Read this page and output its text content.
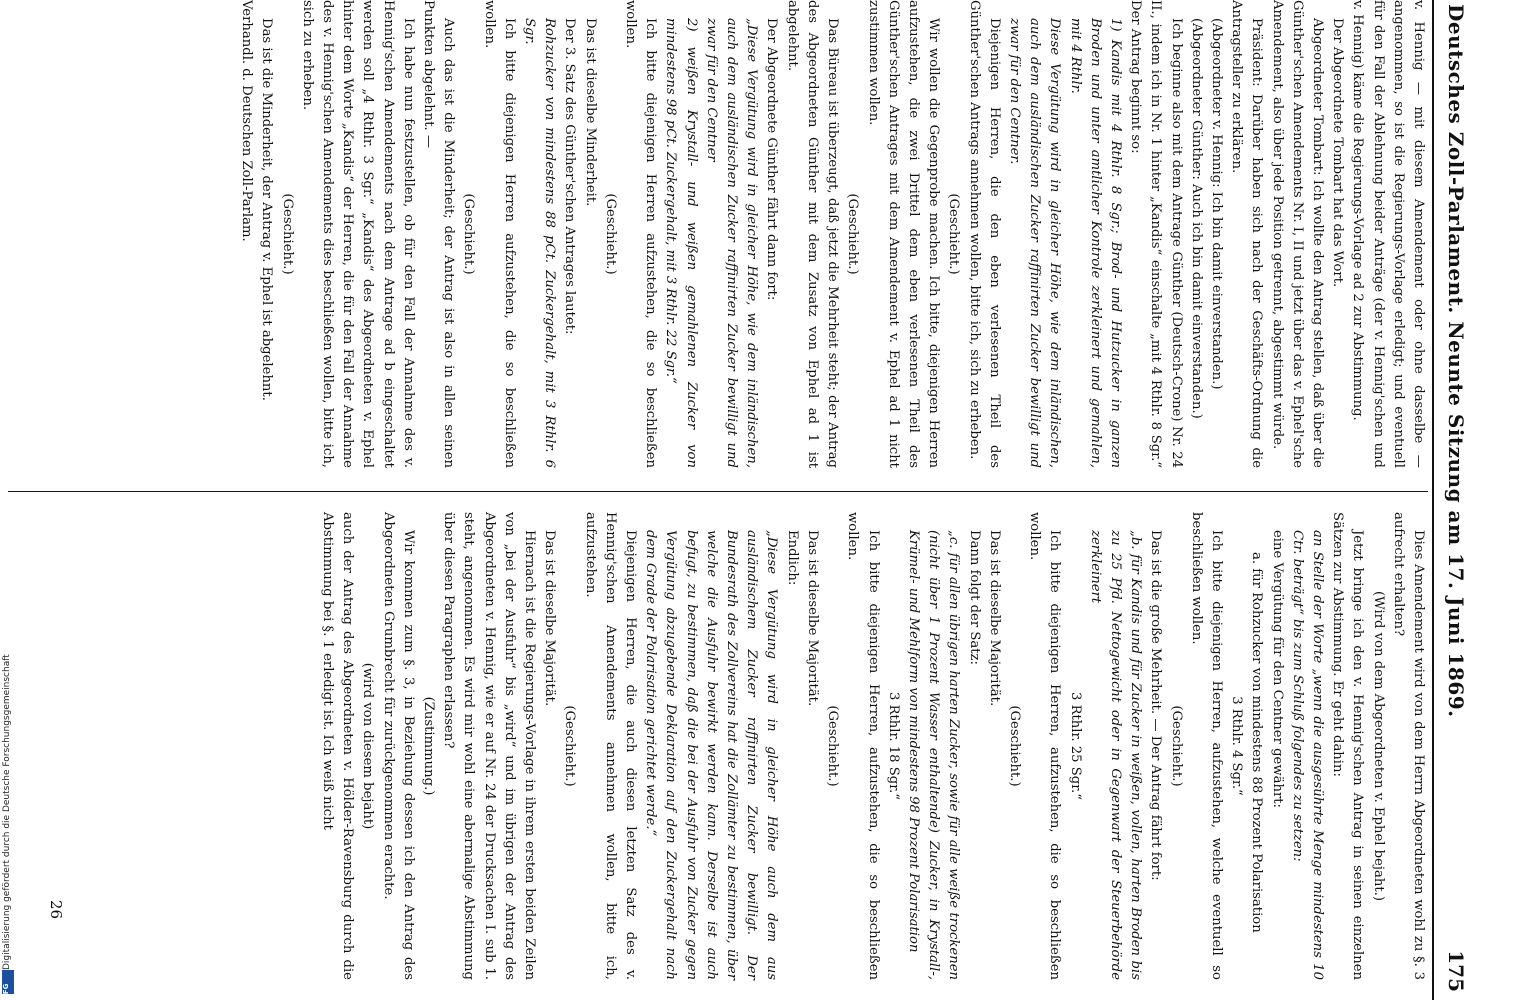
Deutsches Zoll-Parlament. Neunte Sitzung am 17. Juni 1869.
175

v. Hennig — mit diesem Amendement oder ohne dasselbe — angenommen, so ist die Regierungs-Vorlage erledigt; und eventuell für den Fall der Ablehnung beider Anträge (der v. Hennig'schen und v. Hennig) käme die Regierungs-Vorlage ad 2 zur Abstimmung.

Der Abgeordnete Tombart hat das Wort.

Abgeordneter Tombart: Ich wollte den Antrag stellen, daß über die Günther'schen Amendements Nr. I, II und jetzt über das v. Ephel'sche Amendement, also über jede Position getrennt, abgestimmt würde.

Präsident: Darüber haben sich nach der Geschäfts-Ordnung die Antragsteller zu erklären.

(Abgeordneter v. Hennig: Ich bin damit einverstanden.)

(Abgeordneter Günther: Auch ich bin damit einverstanden.)

Ich beginne also mit dem Antrage Günther (Deutsch-Crone) Nr. 24 II., indem ich in Nr. 1 hinter „Kandis“ einschalte „mit 4 Rthlr. 8 Sgr.“ Der Antrag beginnt so:

1) Kandis mit 4 Rthlr. 8 Sgr.; Brod- und Hutzucker in ganzen Broden und unter amtlicher Kontrole zerkleinert und gemahlen, mit 4 Rthlr.

Diese Vergütung wird in gleicher Höhe, wie dem inländischen, auch dem ausländischen Zucker raffinirten Zucker bewilligt und zwar für den Centner.

Diejenigen Herren, die den eben verlesenen Theil des Günther'schen Antrags annehmen wollen, bitte ich, sich zu erheben.

(Geschieht.)

Wir wollen die Gegenprobe machen. Ich bitte, diejenigen Herren aufzustehen, die zwei Drittel dem eben verlesenen Theil des Günther'schen Antrages mit dem Amendement v. Ephel ad 1 nicht zustimmen wollen.

(Geschieht.)

Das Büreau ist überzeugt, daß jetzt die Mehrheit steht; der Antrag des Abgeordneten Günther mit dem Zusatz von Ephel ad 1 ist abgelehnt.

Der Abgeordnete Günther fährt dann fort:

„Diese Vergütung wird in gleicher Höhe, wie dem inländischen, auch dem ausländischen Zucker raffinirten Zucker bewilligt und zwar für den Centner

2) weißen Krystall- und weißen gemahlenen Zucker von mindestens 98 pCt. Zuckergehalt, mit 3 Rthlr. 22 Sgr.“

Ich bitte diejenigen Herren aufzustehen, die so beschließen wollen.

(Geschieht.)

Das ist dieselbe Minderheit.

Der 3. Satz des Günther'schen Antrages lautet:

Rohzucker von mindestens 88 pCt. Zuckergehalt, mit 3 Rthlr. 6 Sgr.

Ich bitte diejenigen Herren aufzustehen, die so beschließen wollen.

(Geschieht.)

Auch das ist die Minderheit; der Antrag ist also in allen seinen Punkten abgelehnt. —

Ich habe nun festzustellen, ob für den Fall der Annahme des v. Hennig'schen Amendements nach dem Antrage ad b eingeschaltet werden soll „4 Rthlr. 3 Sgr.“ „Kandis“ des Abgeordneten v. Ephel hinter dem Worte „Kandis“ der Herren, die für den Fall der Annahme des v. Hennig'schen Amendements dies beschließen wollen, bitte ich, sich zu erheben.

(Geschieht.)

Das ist die Minderheit, der Antrag v. Ephel ist abgelehnt.

Verhandl. d. Deutschen Zoll-Parlam.

Dies Amendement wird von dem Herrn Abgeordneten wohl zu §. 3 aufrecht erhalten?

(Wird von dem Abgeordneten v. Ephel bejaht.)

Jetzt bringe ich den v. Hennig'schen Antrag in seinen einzelnen Sätzen zur Abstimmung. Er geht dahin:

an Stelle der Worte „wenn die ausgesührte Menge mindestens 10 Ctr. beträgt“ bis zum Schluß folgendes zu setzen:

eine Vergütung für den Centner gewährt:

a. für Rohzucker von mindestens 88 Prozent Polarisation

3 Rthlr. 4 Sgr.“

Ich bitte diejenigen Herren, aufzustehen, welche eventuell so beschließen wollen.

(Geschieht.)

Das ist die große Mehrheit. — Der Antrag fährt fort:

„b. für Kandis und für Zucker in weißen, vollen, harten Broden bis zu 25 Pfd. Nettogewicht oder in Gegenwart der Steuerbehörde zerkleinert

3 Rthlr. 25 Sgr.“

Ich bitte diejenigen Herren, aufzustehen, die so beschließen wollen.

(Geschieht.)

Das ist dieselbe Majorität.

Dann folgt der Satz:

„c. für allen übrigen harten Zucker, sowie für alle weiße trockenen (nicht über 1 Prozent Wasser enthaltende) Zucker, in Krystall-, Krümel- und Mehlform von mindestens 98 Prozent Polarisation

3 Rthlr. 18 Sgr.“

Ich bitte diejenigen Herren, aufzustehen, die so beschließen wollen.

(Geschieht.)

Das ist dieselbe Majorität.

Endlich:

„Diese Vergütung wird in gleicher Höhe auch dem aus ausländischem Zucker raffinirten Zucker bewilligt. Der Bundesrath des Zollvereins hat die Zollämter zu bestimmen, über welche die Ausfuhr bewirkt werden kann. Derselbe ist auch befugt, zu bestimmen, daß die bei der Ausfuhr von Zucker gegen Vergütung abzugebende Deklaration auf den Zuckergehalt nach dem Grade der Polarisation gerichtet werde.“

Diejenigen Herren, die auch diesen letzten Satz des v. Hennig'schen Amendements annehmen wollen, bitte ich, aufzustehen.

(Geschieht.)

Das ist dieselbe Majorität.

Hiernach ist die Regierungs-Vorlage in ihrem ersten beiden Zeilen von „bei der Ausfuhr“ bis „wird“ und im übrigen der Antrag des Abgeordneten v. Hennig, wie er auf Nr. 24 der Drucksachen I. sub 1. steht, angenommen. Es wird mir wohl eine abermalige Abstimmung über diesen Paragraphen erlassen?

(Zustimmung.)

Wir kommen zum §. 3, in Beziehung dessen ich den Antrag des Abgeordneten Grumbrecht für zurückgenommen erachte.

(wird von diesem bejaht)

auch der Antrag des Abgeordneten v. Hölder-Ravensburg durch die Abstimmung bei §. 1 erledigt ist. Ich weiß nicht

26
Digitalisierung gefördert durch die Deutsche Forschungsgemeinschaft
DFG
